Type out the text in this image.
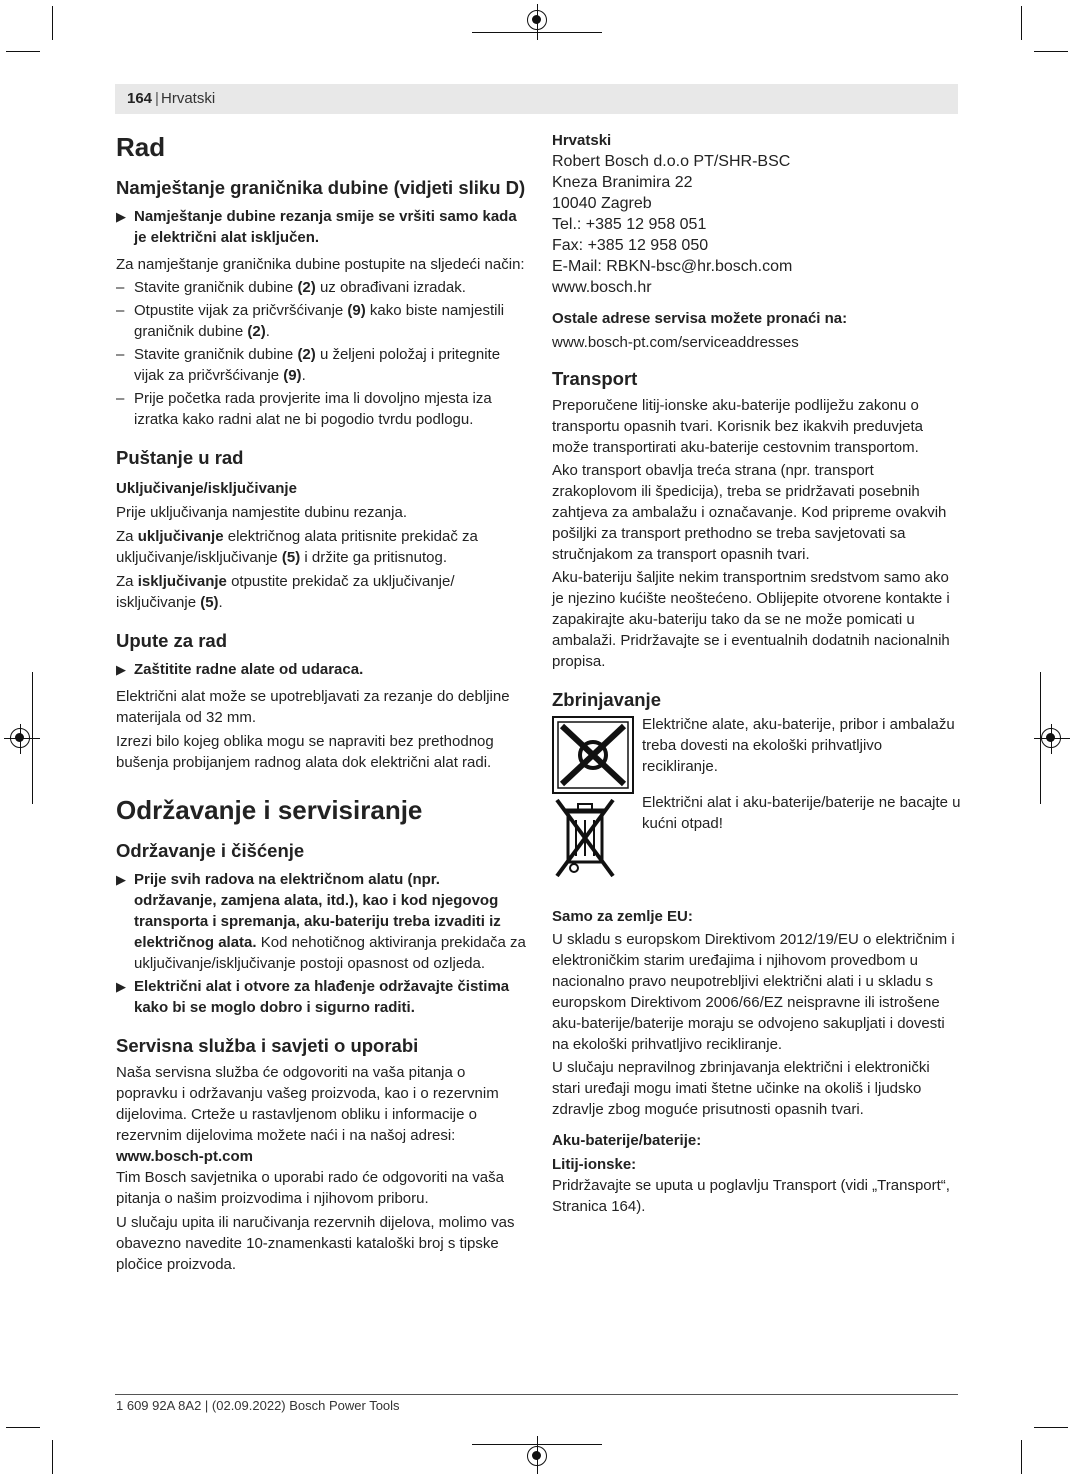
164 | Hrvatski
Rad
Namještanje graničnika dubine (vidjeti sliku D)

▶ Namještanje dubine rezanja smije se vršiti samo kada je električni alat isključen.

Za namještanje graničnika dubine postupite na sljedeći način:

– Stavite graničnik dubine (2) uz obrađivani izradak.

– Otpustite vijak za pričvršćivanje (9) kako biste namjestili graničnik dubine (2).

– Stavite graničnik dubine (2) u željeni položaj i pritegnite vijak za pričvršćivanje (9).

– Prije početka rada provjerite ima li dovoljno mjesta iza izratka kako radni alat ne bi pogodio tvrdu podlogu.

Puštanje u rad
Uključivanje/isključivanje

Prije uključivanja namjestite dubinu rezanja.

Za uključivanje električnog alata pritisnite prekidač za uključivanje/isključivanje (5) i držite ga pritisnutog.

Za isključivanje otpustite prekidač za uključivanje/ isključivanje (5).

Upute za rad

▶ Zaštitite radne alate od udaraca.

Električni alat može se upotrebljavati za rezanje do debljine materijala od 32 mm.

Izrezi bilo kojeg oblika mogu se napraviti bez prethodnog bušenja probijanjem radnog alata dok električni alat radi.

Održavanje i servisiranje
Održavanje i čišćenje

▶ Prije svih radova na električnom alatu (npr. održavanje, zamjena alata, itd.), kao i kod njegovog transporta i spremanja, aku-bateriju treba izvaditi iz električnog alata. Kod nehotičnog aktiviranja prekidača za uključivanje/isključivanje postoji opasnost od ozljeda.

▶ Električni alat i otvore za hlađenje održavajte čistima kako bi se moglo dobro i sigurno raditi.

Servisna služba i savjeti o uporabi

Naša servisna služba će odgovoriti na vaša pitanja o popravku i održavanju vašeg proizvoda, kao i o rezervnim dijelovima. Crteže u rastavljenom obliku i informacije o rezervnim dijelovima možete naći i na našoj adresi:

www.bosch-pt.com

Tim Bosch savjetnika o uporabi rado će odgovoriti na vaša pitanja o našim proizvodima i njihovom priboru.

U slučaju upita ili naručivanja rezervnih dijelova, molimo vas obavezno navedite 10-znamenkasti kataloški broj s tipske pločice proizvoda.

Hrvatski

Robert Bosch d.o.o PT/SHR-BSC

Kneza Branimira 22

10040 Zagreb

Tel.: +385 12 958 051

Fax: +385 12 958 050

E-Mail: RBKN-bsc@hr.bosch.com

www.bosch.hr

Ostale adrese servisa možete pronaći na:

www.bosch-pt.com/serviceaddresses

Transport

Preporučene litij-ionske aku-baterije podliježu zakonu o transportu opasnih tvari. Korisnik bez ikakvih preduvjeta može transportirati aku-baterije cestovnim transportom.

Ako transport obavlja treća strana (npr. transport zrakoplovom ili špedicija), treba se pridržavati posebnih zahtjeva za ambalažu i označavanje. Kod pripreme ovakvih pošiljki za transport prethodno se treba savjetovati sa stručnjakom za transport opasnih tvari.

Aku-bateriju šaljite nekim transportnim sredstvom samo ako je njezino kućište neoštećeno. Oblijepite otvorene kontakte i zapakirajte aku-bateriju tako da se ne može pomicati u ambalaži. Pridržavajte se i eventualnih dodatnih nacionalnih propisa.

Zbrinjavanje

Električne alate, aku-baterije, pribor i ambalažu treba dovesti na ekološki prihvatljivo recikliranje.

Električni alat i aku-baterije/baterije ne bacajte u kućni otpad!

Samo za zemlje EU:

U skladu s europskom Direktivom 2012/19/EU o električnim i elektroničkim starim uređajima i njihovom provedbom u nacionalno pravo neupotrebljivi električni alati i u skladu s europskom Direktivom 2006/66/EZ neispravne ili istrošene aku-baterije/baterije moraju se odvojeno sakupljati i dovesti na ekološki prihvatljivo recikliranje.

U slučaju nepravilnog zbrinjavanja električni i elektronički stari uređaji mogu imati štetne učinke na okoliš i ljudsko zdravlje zbog moguće prisutnosti opasnih tvari.

Aku-baterije/baterije:
Litij-ionske:

Pridržavajte se uputa u poglavlju Transport (vidi „Transport“, Stranica 164).

1 609 92A 8A2 | (02.09.2022) Bosch Power Tools
